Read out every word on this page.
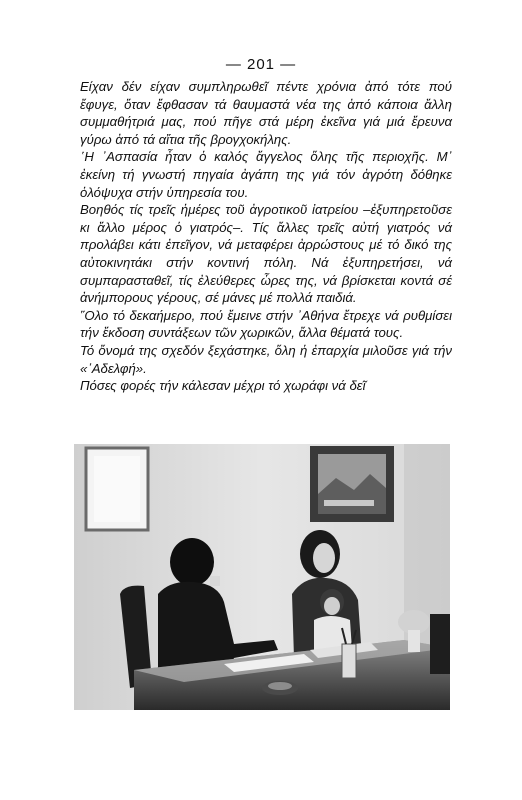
— 201 —

Είχαν δέν είχαν συμπληρωθεῖ πέντε χρόνια ἀπό τότε πού ἔφυγε, ὅταν ἔφθασαν τά θαυμαστά νέα της ἀπό κάποια ἄλλη συμμαθήτριά μας, πού πῆγε στά μέρη ἐκεῖνα γιά μιά ἔρευνα γύρω ἀπό τά αἴτια τῆς βρογχοκήλης.

῾Η ᾿Ασπασία ἦταν ὁ καλός ἄγγελος ὅλης τῆς περιοχῆς. Μ᾿ ἐκείνη τή γνωστή πηγαία ἀγάπη της γιά τόν ἀγρότη δόθηκε ὁλόψυχα στήν ὑπηρεσία του.

Βοηθός τίς τρεῖς ἡμέρες τοῦ ἀγροτικοῦ ἰατρείου –ἐξυπηρετοῦσε κι ἄλλο μέρος ὁ γιατρός–. Τίς ἄλλες τρεῖς αὐτή γιατρός νά προλάβει κάτι ἐπεῖγον, νά μεταφέρει ἀρρώστους μέ τό δικό της αὐτοκινητάκι στήν κοντινή πόλη. Νά ἐξυπηρετήσει, νά συμπαρασταθεῖ, τίς ἐλεύθερες ὧρες της, νά βρίσκεται κοντά σέ ἀνήμπορους γέρους, σέ μάνες μέ πολλά παιδιά.

῞Ολο τό δεκαήμερο, πού ἔμεινε στήν ᾿Αθήνα ἔτρεχε νά ρυθμίσει τήν ἔκδοση συντάξεων τῶν χωρικῶν, ἄλλα θέματά τους.

Τό ὄνομά της σχεδόν ξεχάστηκε, ὅλη ἡ ἐπαρχία μιλοῦσε γιά τήν «᾿Αδελφή».

Πόσες φορές τήν κάλεσαν μέχρι τό χωράφι νά δεῖ
